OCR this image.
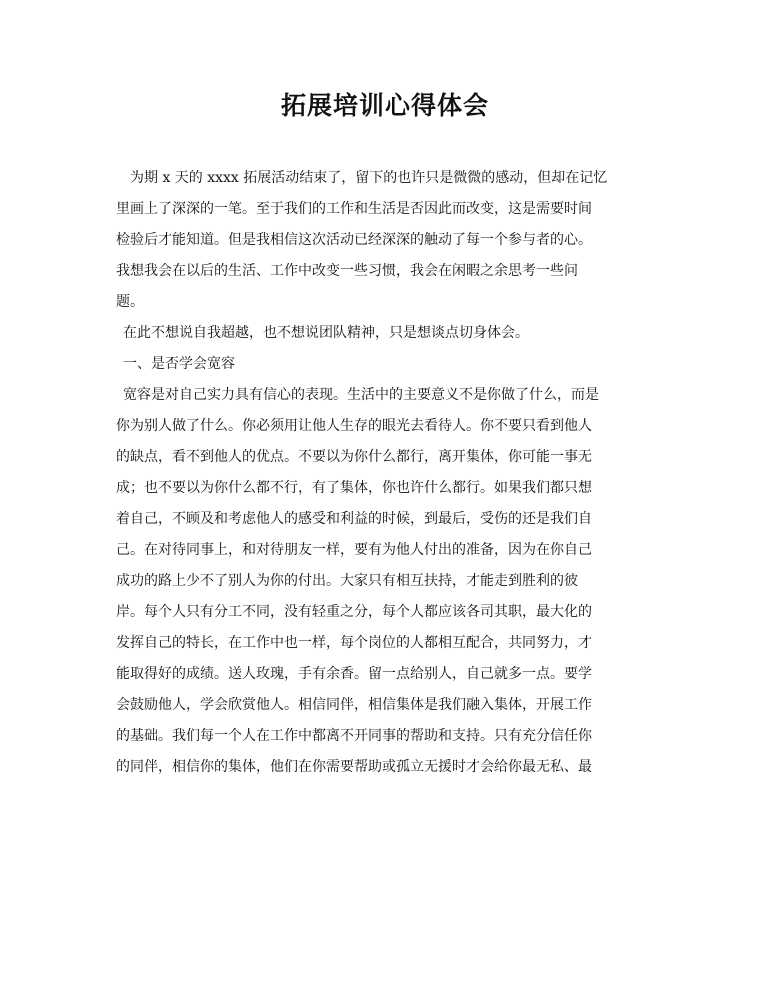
拓展培训心得体会
为期 x 天的 xxxx 拓展活动结束了，留下的也许只是微微的感动，但却在记忆
里画上了深深的一笔。至于我们的工作和生活是否因此而改变，这是需要时间
检验后才能知道。但是我相信这次活动已经深深的触动了每一个参与者的心。
我想我会在以后的生活、工作中改变一些习惯，我会在闲暇之余思考一些问
题。
在此不想说自我超越，也不想说团队精神，只是想谈点切身体会。
一、是否学会宽容
宽容是对自己实力具有信心的表现。生活中的主要意义不是你做了什么，而是
你为别人做了什么。你必须用让他人生存的眼光去看待人。你不要只看到他人
的缺点，看不到他人的优点。不要以为你什么都行，离开集体，你可能一事无
成；也不要以为你什么都不行，有了集体，你也许什么都行。如果我们都只想
着自己，不顾及和考虑他人的感受和利益的时候，到最后，受伤的还是我们自
己。在对待同事上，和对待朋友一样，要有为他人付出的准备，因为在你自己
成功的路上少不了别人为你的付出。大家只有相互扶持，才能走到胜利的彼
岸。每个人只有分工不同，没有轻重之分，每个人都应该各司其职，最大化的
发挥自己的特长，在工作中也一样，每个岗位的人都相互配合，共同努力，才
能取得好的成绩。送人玫瑰，手有余香。留一点给别人，自己就多一点。要学
会鼓励他人，学会欣赏他人。相信同伴，相信集体是我们融入集体，开展工作
的基础。我们每一个人在工作中都离不开同事的帮助和支持。只有充分信任你
的同伴，相信你的集体，他们在你需要帮助或孤立无援时才会给你最无私、最
